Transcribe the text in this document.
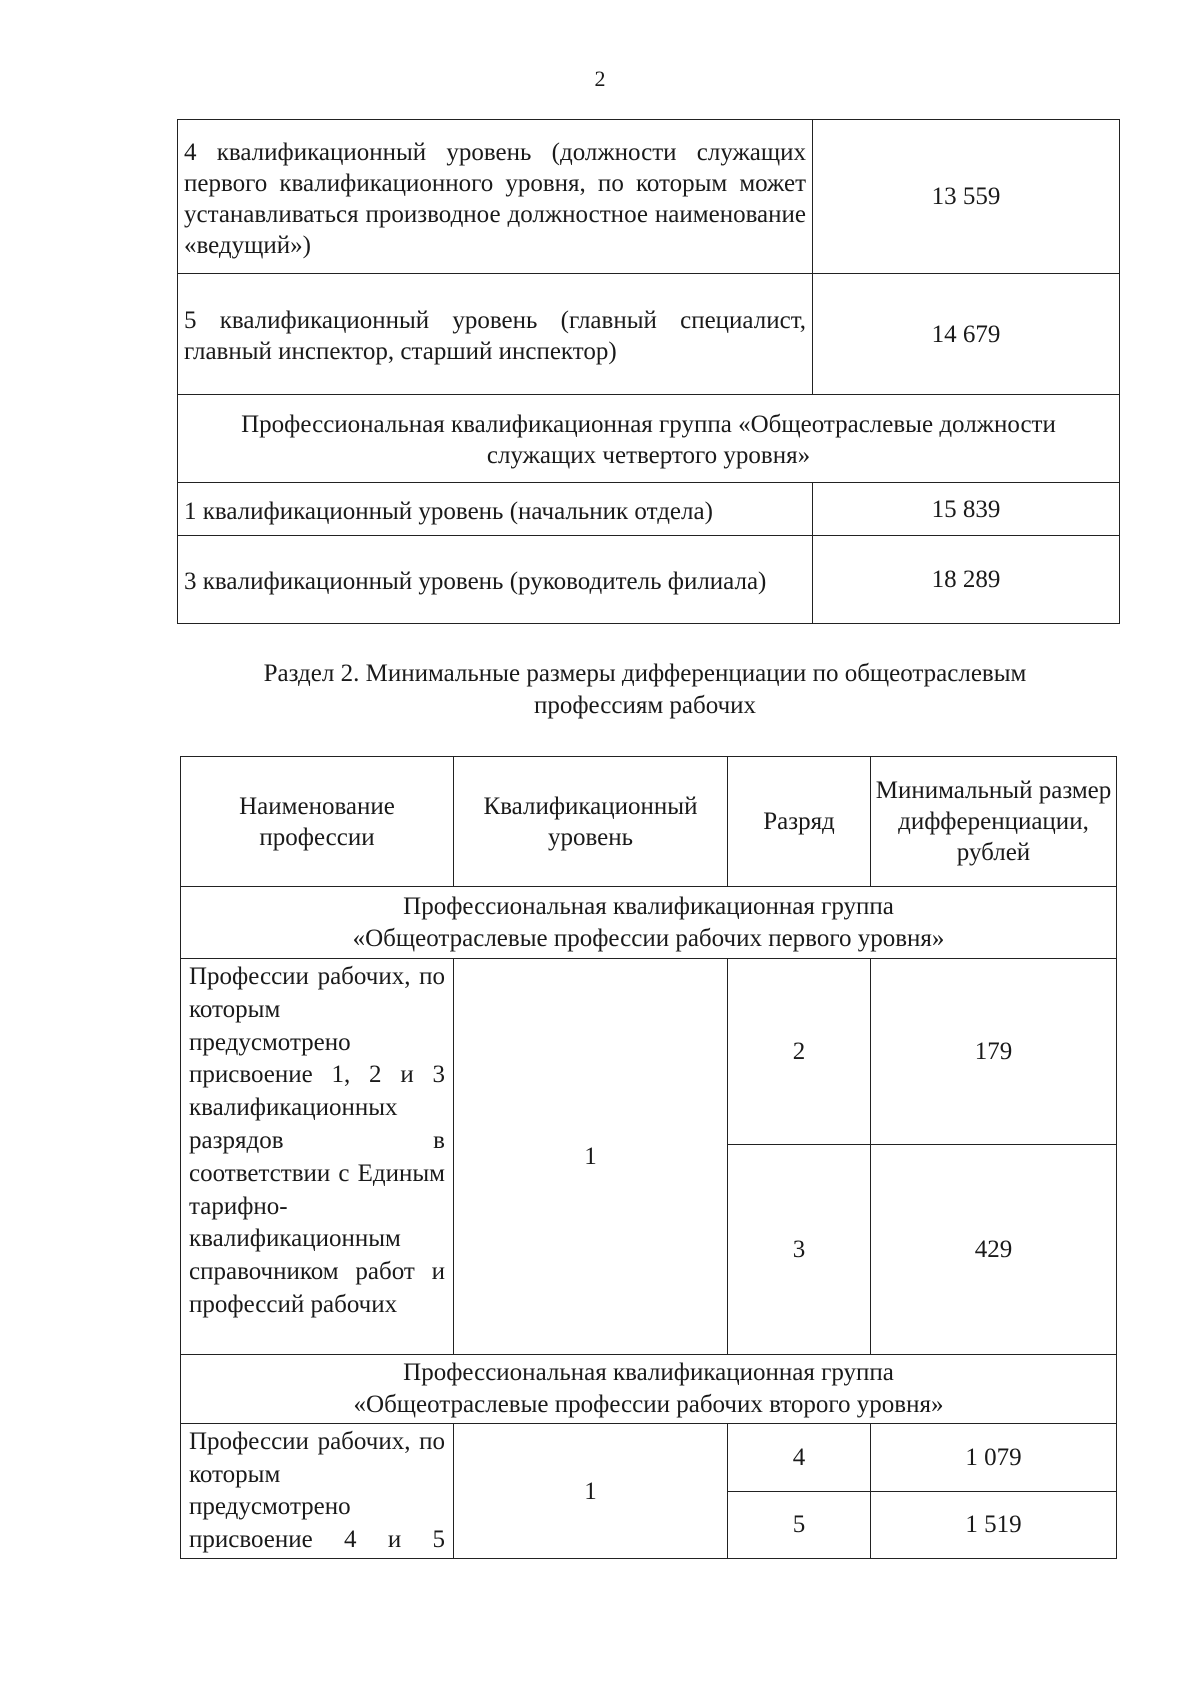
2
4 квалификационный уровень (должности служащих первого квалификационного уровня, по которым может устанавливаться производное должностное наименование «ведущий»)	13 559
5 квалификационный уровень (главный специалист, главный инспектор, старший инспектор)	14 679
Профессиональная квалификационная группа «Общеотраслевые должности служащих четвертого уровня»	
1 квалификационный уровень (начальник отдела)	15 839
3 квалификационный уровень (руководитель филиала)	18 289
Раздел 2. Минимальные размеры дифференциации по общеотраслевым профессиям рабочих
Наименование профессии	Квалификационный уровень	Разряд	Минимальный размер дифференциации, рублей

Профессиональная квалификационная группа
«Общеотраслевые профессии рабочих первого уровня»			

Профессии рабочих, по которым предусмотрено присвоение 1, 2 и 3 квалификационных разрядов в соответствии с Единым тарифно-квалификационным справочником работ и профессий рабочих	1	2	179
		3	429

Профессиональная квалификационная группа
«Общеотраслевые профессии рабочих второго уровня»			

Профессии рабочих, по которым предусмотрено присвоение 4 и 5	1	4	1 079
		5	1 519
